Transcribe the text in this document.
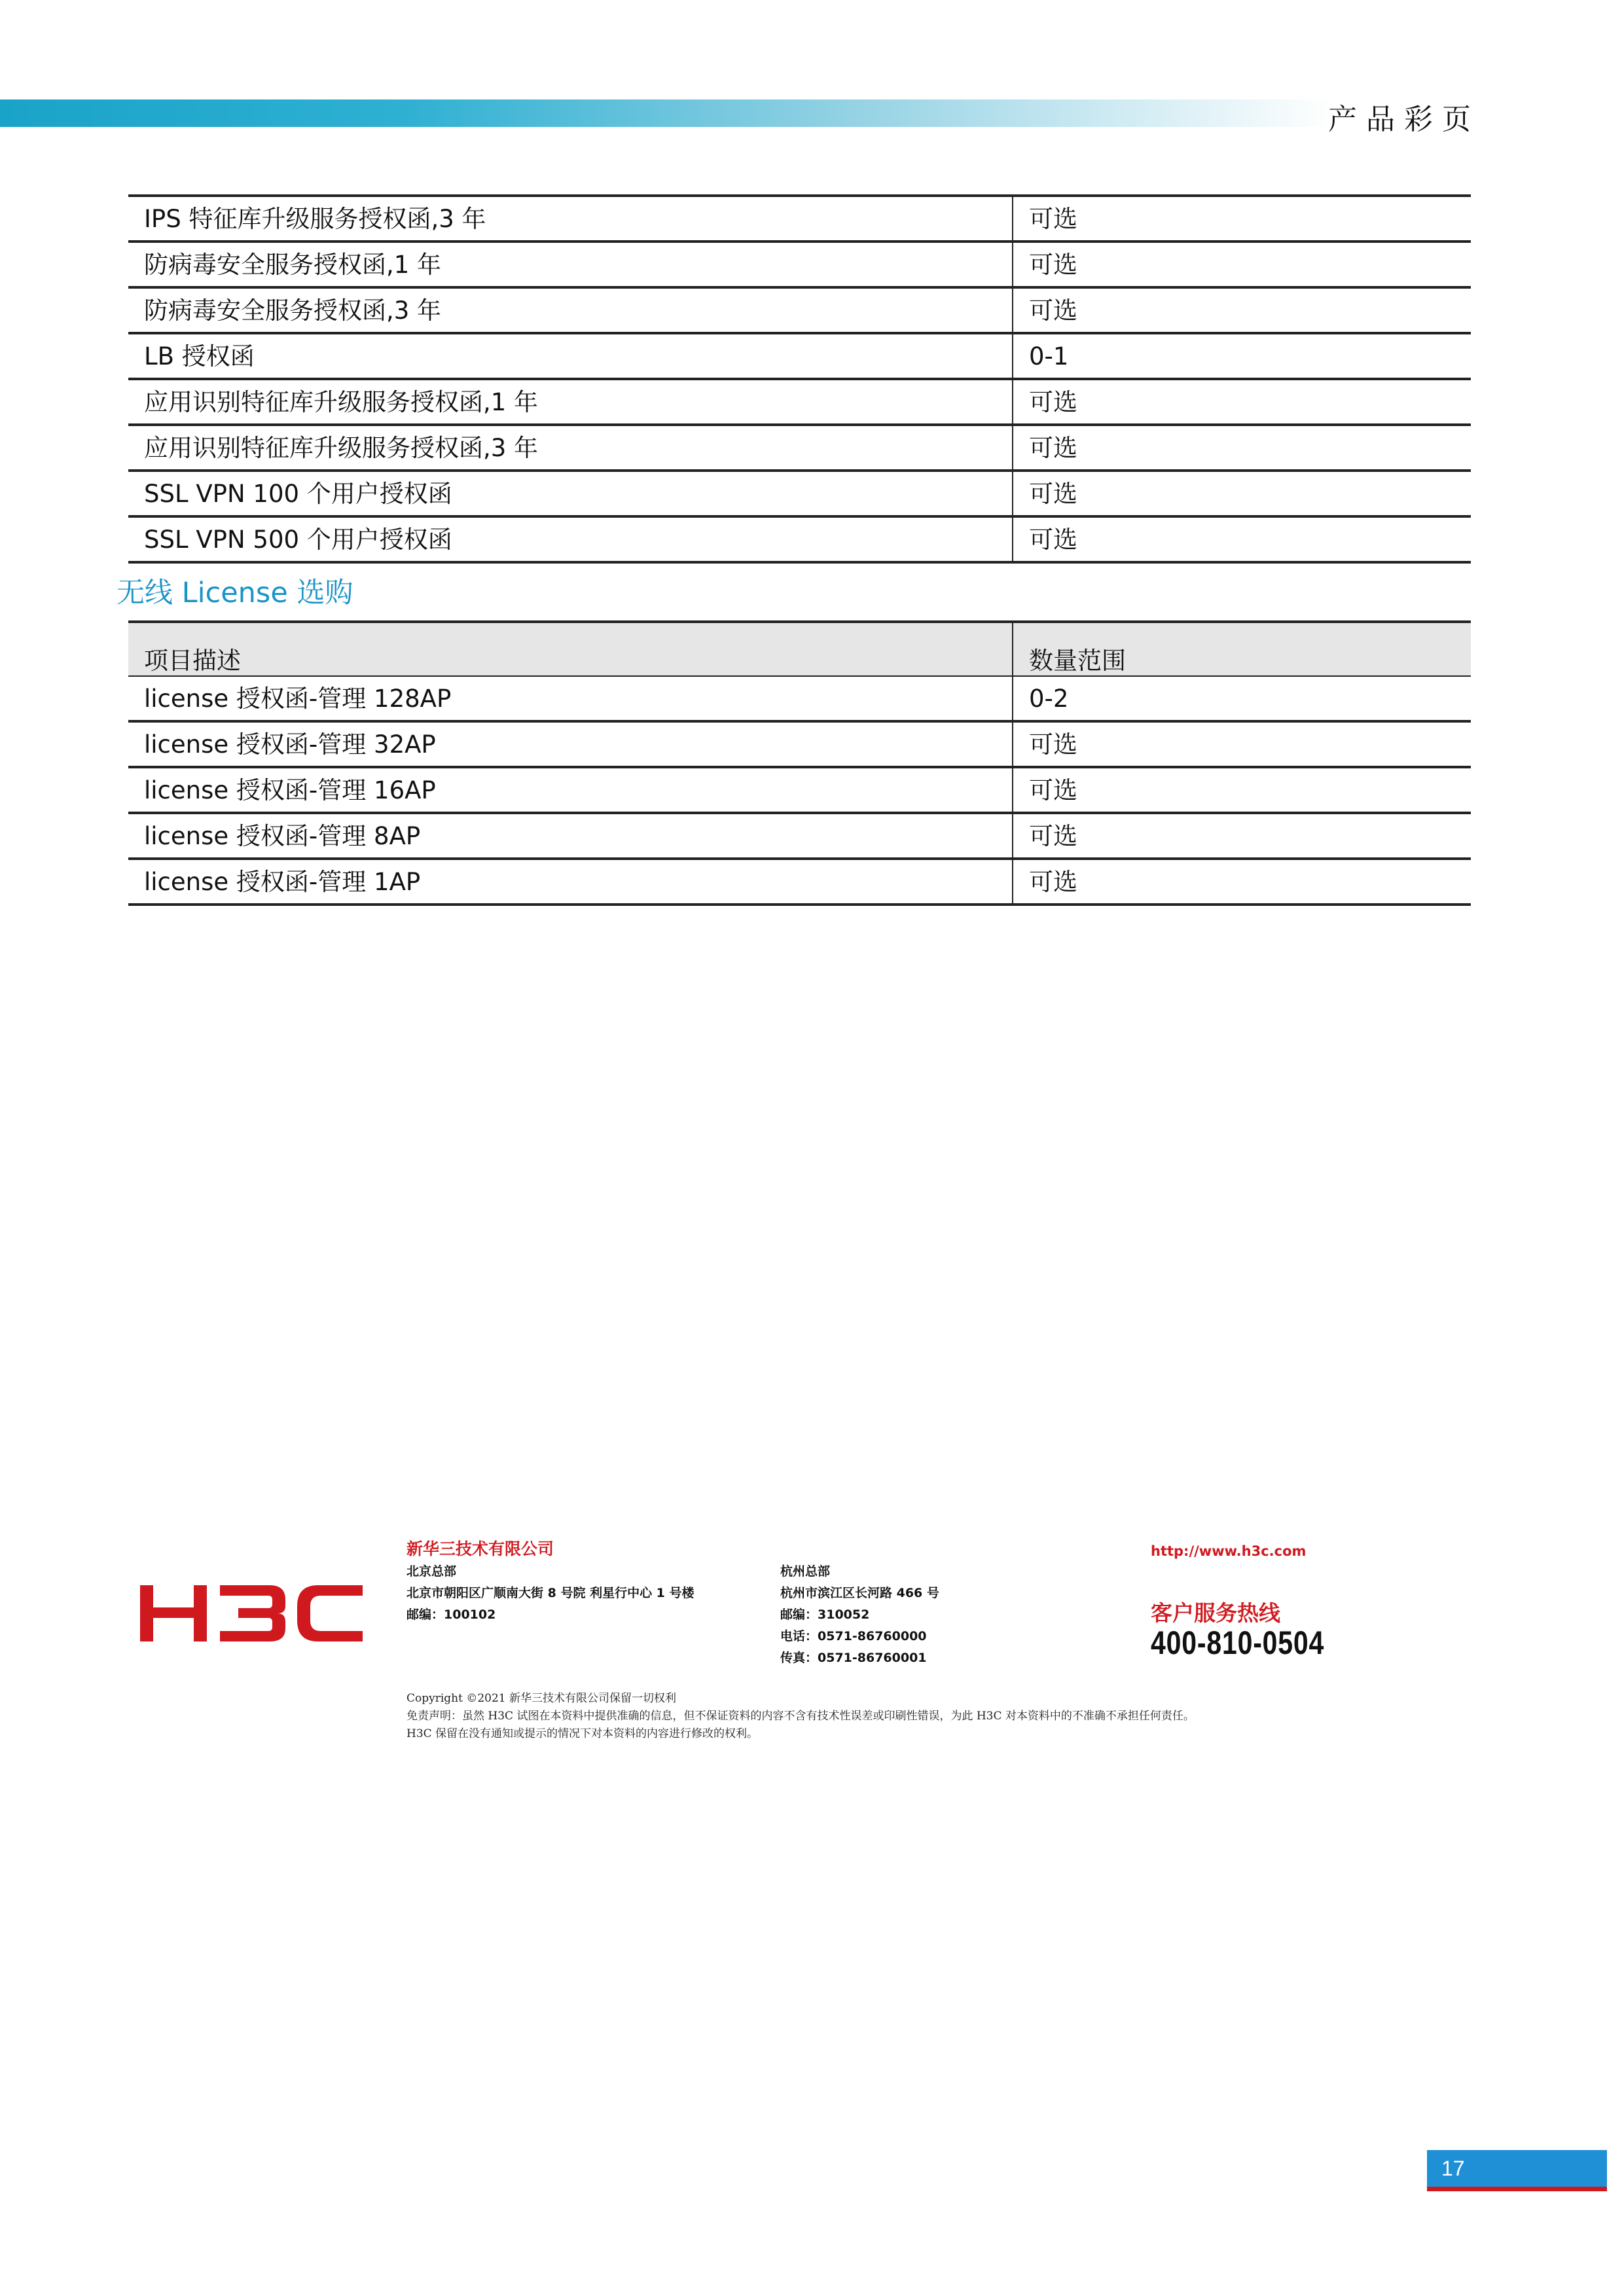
产品彩页
IPS 特征库升级服务授权函,3 年	可选
防病毒安全服务授权函,1 年	可选
防病毒安全服务授权函,3 年	可选
LB 授权函	0-1
应用识别特征库升级服务授权函,1 年	可选
应用识别特征库升级服务授权函,3 年	可选
SSL VPN 100 个用户授权函	可选
SSL VPN 500 个用户授权函	可选
无线 License 选购
项目描述	数量范围
license 授权函-管理 128AP	0-2
license 授权函-管理 32AP	可选
license 授权函-管理 16AP	可选
license 授权函-管理 8AP	可选
license 授权函-管理 1AP	可选
新华三技术有限公司
北京总部
北京市朝阳区广顺南大街 8 号院 利星行中心 1 号楼
邮编：100102
杭州总部
杭州市滨江区长河路 466 号
邮编：310052
电话：0571-86760000
传真：0571-86760001
http://www.h3c.com
客户服务热线
400-810-0504
Copyright ©2021 新华三技术有限公司保留一切权利
免责声明：虽然 H3C 试图在本资料中提供准确的信息，但不保证资料的内容不含有技术性误差或印刷性错误，为此 H3C 对本资料中的不准确不承担任何责任。
H3C 保留在没有通知或提示的情况下对本资料的内容进行修改的权利。
17
